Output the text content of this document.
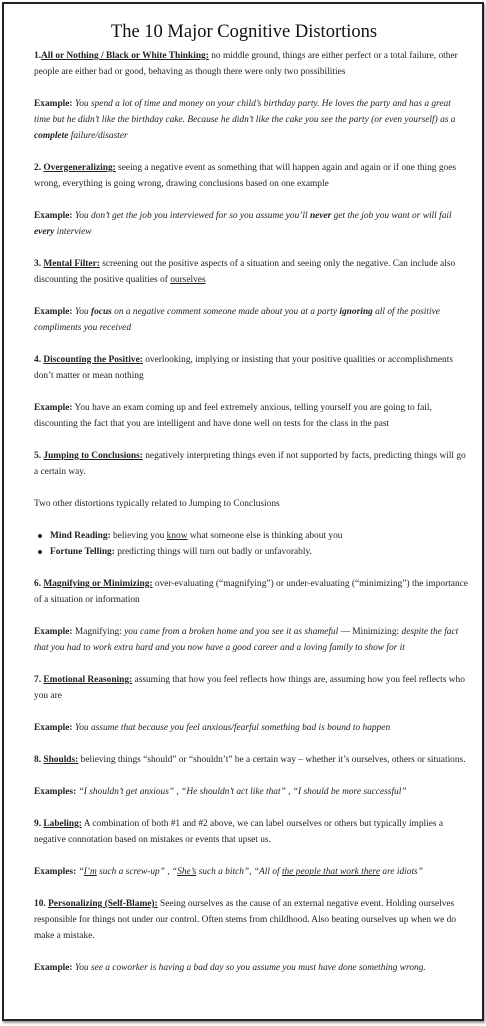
The 10 Major Cognitive Distortions

1.All or Nothing / Black or White Thinking: no middle ground, things are either perfect or a total failure, other people are either bad or good, behaving as though there were only two possibilities

Example: You spend a lot of time and money on your child’s birthday party. He loves the party and has a great time but he didn’t like the birthday cake. Because he didn’t like the cake you see the party (or even yourself) as a complete failure/disaster

2. Overgeneralizing: seeing a negative event as something that will happen again and again or if one thing goes wrong, everything is going wrong, drawing conclusions based on one example

Example: You don’t get the job you interviewed for so you assume you’ll never get the job you want or will fail every interview

3. Mental Filter: screening out the positive aspects of a situation and seeing only the negative. Can include also discounting the positive qualities of ourselves

Example: You focus on a negative comment someone made about you at a party ignoring all of the positive compliments you received

4. Discounting the Positive: overlooking, implying or insisting that your positive qualities or accomplishments don’t matter or mean nothing

Example: You have an exam coming up and feel extremely anxious, telling yourself you are going to fail, discounting the fact that you are intelligent and have done well on tests for the class in the past

5. Jumping to Conclusions: negatively interpreting things even if not supported by facts, predicting things will go a certain way.

Two other distortions typically related to Jumping to Conclusions

Mind Reading: believing you know what someone else is thinking about you
Fortune Telling: predicting things will turn out badly or unfavorably.

6. Magnifying or Minimizing: over-evaluating (“magnifying”) or under-evaluating (“minimizing”) the importance of a situation or information

Example: Magnifying: you came from a broken home and you see it as shameful — Minimizing: despite the fact that you had to work extra hard and you now have a good career and a loving family to show for it

7. Emotional Reasoning: assuming that how you feel reflects how things are, assuming how you feel reflects who you are

Example: You assume that because you feel anxious/fearful something bad is bound to happen

8. Shoulds: believing things “should” or “shouldn’t” be a certain way – whether it’s ourselves, others or situations.

Examples: “I shouldn’t get anxious” , “He shouldn’t act like that” , “I should be more successful”

9. Labeling: A combination of both #1 and #2 above, we can label ourselves or others but typically implies a negative connotation based on mistakes or events that upset us.

Examples: “I’m such a screw-up” , “She’s such a bitch”, “All of the people that work there are idiots”

10. Personalizing (Self-Blame): Seeing ourselves as the cause of an external negative event. Holding ourselves responsible for things not under our control. Often stems from childhood. Also beating ourselves up when we do make a mistake.

Example: You see a coworker is having a bad day so you assume you must have done something wrong.
